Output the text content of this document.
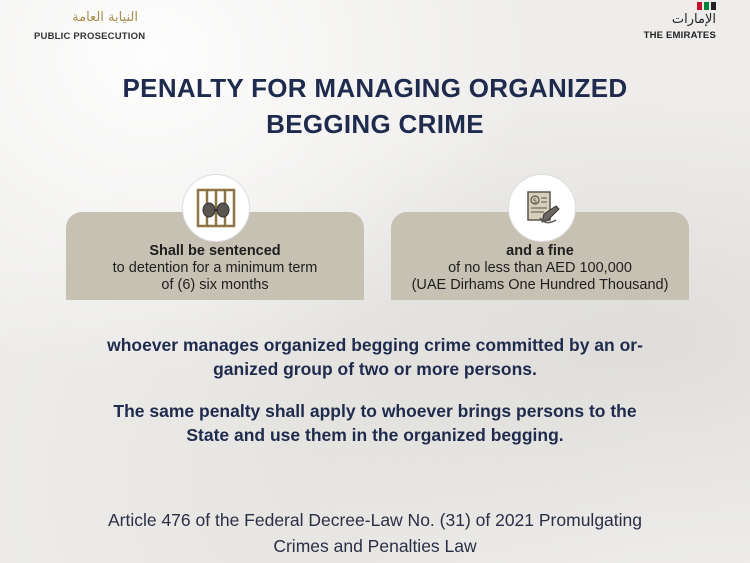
النيابة العامة
PUBLIC PROSECUTION
الإمارات
THE EMIRATES
PENALTY FOR MANAGING ORGANIZED
BEGGING CRIME
Shall be sentenced
to detention for a minimum term
of (6) six months
and a fine
of no less than AED 100,000
(UAE Dirhams One Hundred Thousand)
$
whoever manages organized begging crime committed by an or-
ganized group of two or more persons.
The same penalty shall apply to whoever brings persons to the
State and use them in the organized begging.
Article 476 of the Federal Decree-Law No. (31) of 2021 Promulgating
Crimes and Penalties Law
